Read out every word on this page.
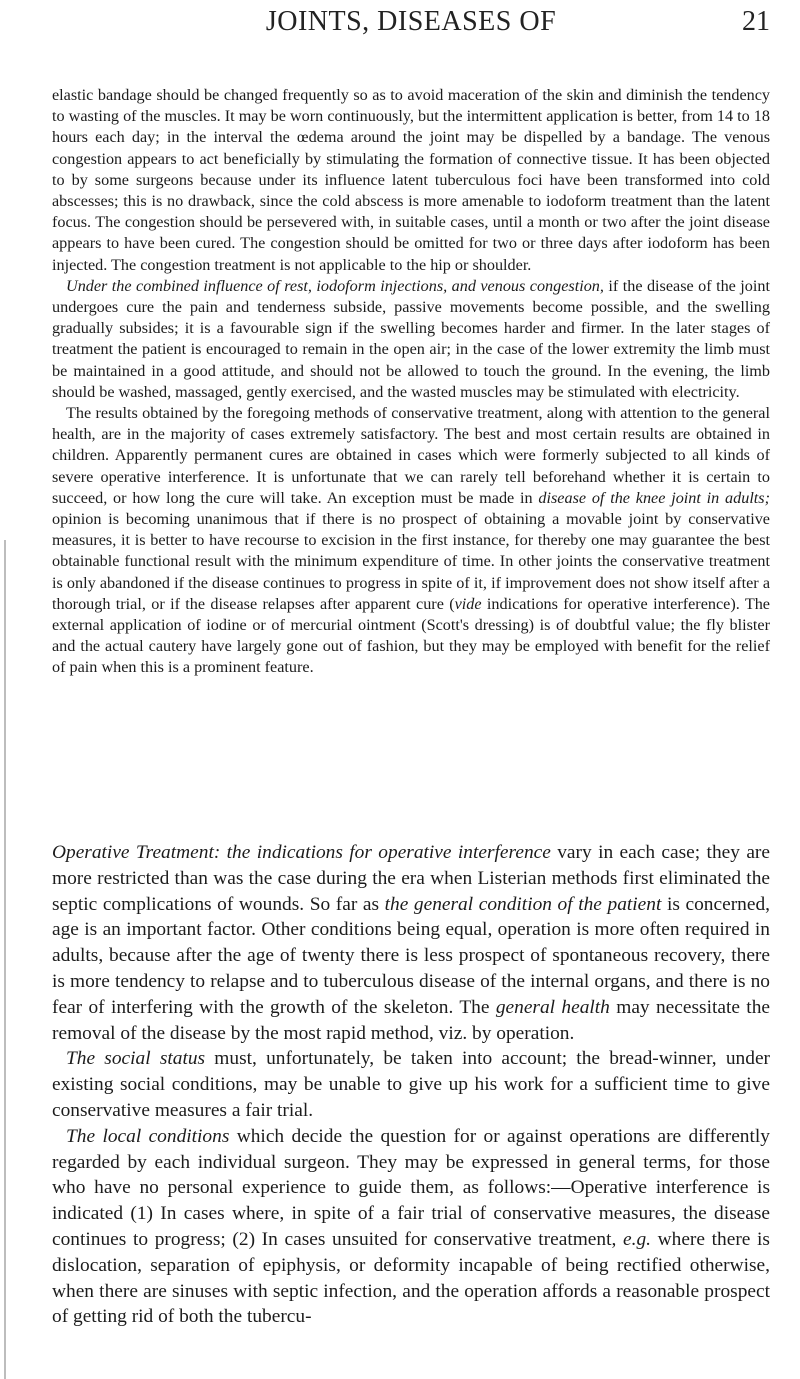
JOINTS, DISEASES OF	21

elastic bandage should be changed frequently so as to avoid maceration of the skin and diminish the tendency to wasting of the muscles. It may be worn continuously, but the intermittent application is better, from 14 to 18 hours each day; in the interval the œdema around the joint may be dispelled by a bandage. The venous congestion appears to act beneficially by stimulating the formation of connective tissue. It has been objected to by some surgeons because under its influence latent tuberculous foci have been transformed into cold abscesses; this is no drawback, since the cold abscess is more amenable to iodoform treatment than the latent focus. The congestion should be persevered with, in suitable cases, until a month or two after the joint disease appears to have been cured. The congestion should be omitted for two or three days after iodoform has been injected. The congestion treatment is not applicable to the hip or shoulder.

Under the combined influence of rest, iodoform injections, and venous congestion, if the disease of the joint undergoes cure the pain and tenderness subside, passive movements become possible, and the swelling gradually subsides; it is a favourable sign if the swelling becomes harder and firmer. In the later stages of treatment the patient is encouraged to remain in the open air; in the case of the lower extremity the limb must be maintained in a good attitude, and should not be allowed to touch the ground. In the evening, the limb should be washed, massaged, gently exercised, and the wasted muscles may be stimulated with electricity.

The results obtained by the foregoing methods of conservative treatment, along with attention to the general health, are in the majority of cases extremely satisfactory. The best and most certain results are obtained in children. Apparently permanent cures are obtained in cases which were formerly subjected to all kinds of severe operative interference. It is unfortunate that we can rarely tell beforehand whether it is certain to succeed, or how long the cure will take. An exception must be made in disease of the knee joint in adults; opinion is becoming unanimous that if there is no prospect of obtaining a movable joint by conservative measures, it is better to have recourse to excision in the first instance, for thereby one may guarantee the best obtainable functional result with the minimum expenditure of time. In other joints the conservative treatment is only abandoned if the disease continues to progress in spite of it, if improvement does not show itself after a thorough trial, or if the disease relapses after apparent cure (vide indications for operative interference). The external application of iodine or of mercurial ointment (Scott's dressing) is of doubtful value; the fly blister and the actual cautery have largely gone out of fashion, but they may be employed with benefit for the relief of pain when this is a prominent feature.

Operative Treatment: the indications for operative interference vary in each case; they are more restricted than was the case during the era when Listerian methods first eliminated the septic complications of wounds. So far as the general condition of the patient is concerned, age is an important factor. Other conditions being equal, operation is more often required in adults, because after the age of twenty there is less prospect of spontaneous recovery, there is more tendency to relapse and to tuberculous disease of the internal organs, and there is no fear of interfering with the growth of the skeleton. The general health may necessitate the removal of the disease by the most rapid method, viz. by operation.

The social status must, unfortunately, be taken into account; the bread-winner, under existing social conditions, may be unable to give up his work for a sufficient time to give conservative measures a fair trial.

The local conditions which decide the question for or against operations are differently regarded by each individual surgeon. They may be expressed in general terms, for those who have no personal experience to guide them, as follows:—Operative interference is indicated (1) In cases where, in spite of a fair trial of conservative measures, the disease continues to progress; (2) In cases unsuited for conservative treatment, e.g. where there is dislocation, separation of epiphysis, or deformity incapable of being rectified otherwise, when there are sinuses with septic infection, and the operation affords a reasonable prospect of getting rid of both the tubercu-
